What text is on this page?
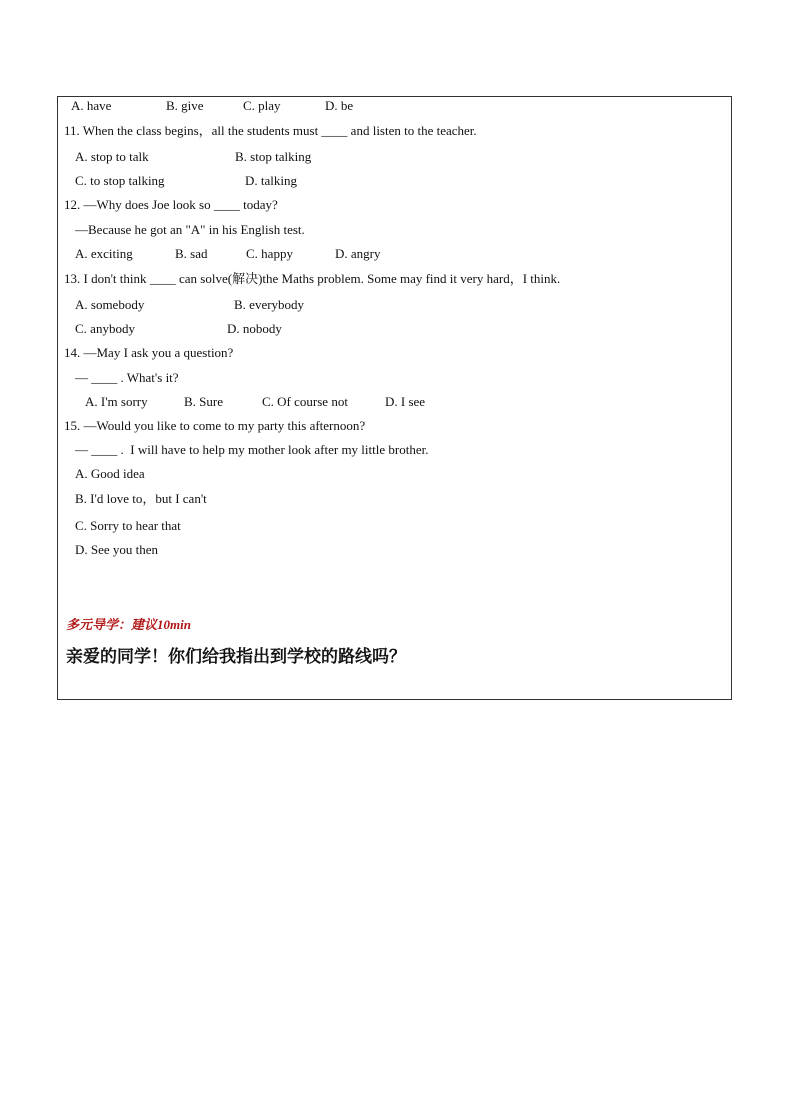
A. have	B. give	C. play	D. be
11. When the class begins，all the students must ____ and listen to the teacher.
A. stop to talk	B. stop talking
C. to stop talking	D. talking
12. —Why does Joe look so ____ today?
—Because he got an "A" in his English test.
A. exciting	B. sad	C. happy	D. angry
13. I don't think ____ can solve(解决)the Maths problem. Some may find it very hard，I think.
A. somebody	B. everybody
C. anybody	D. nobody
14. —May I ask you a question?
— ____ . What's it?
A. I'm sorry	B. Sure	C. Of course not	D. I see
15. —Would you like to come to my party this afternoon?
— ____ .  I will have to help my mother look after my little brother.
A. Good idea
B. I'd love to，but I can't
C. Sorry to hear that
D. See you then
多元导学：建议10min
亲爱的同学！你们给我指出到学校的路线吗？
